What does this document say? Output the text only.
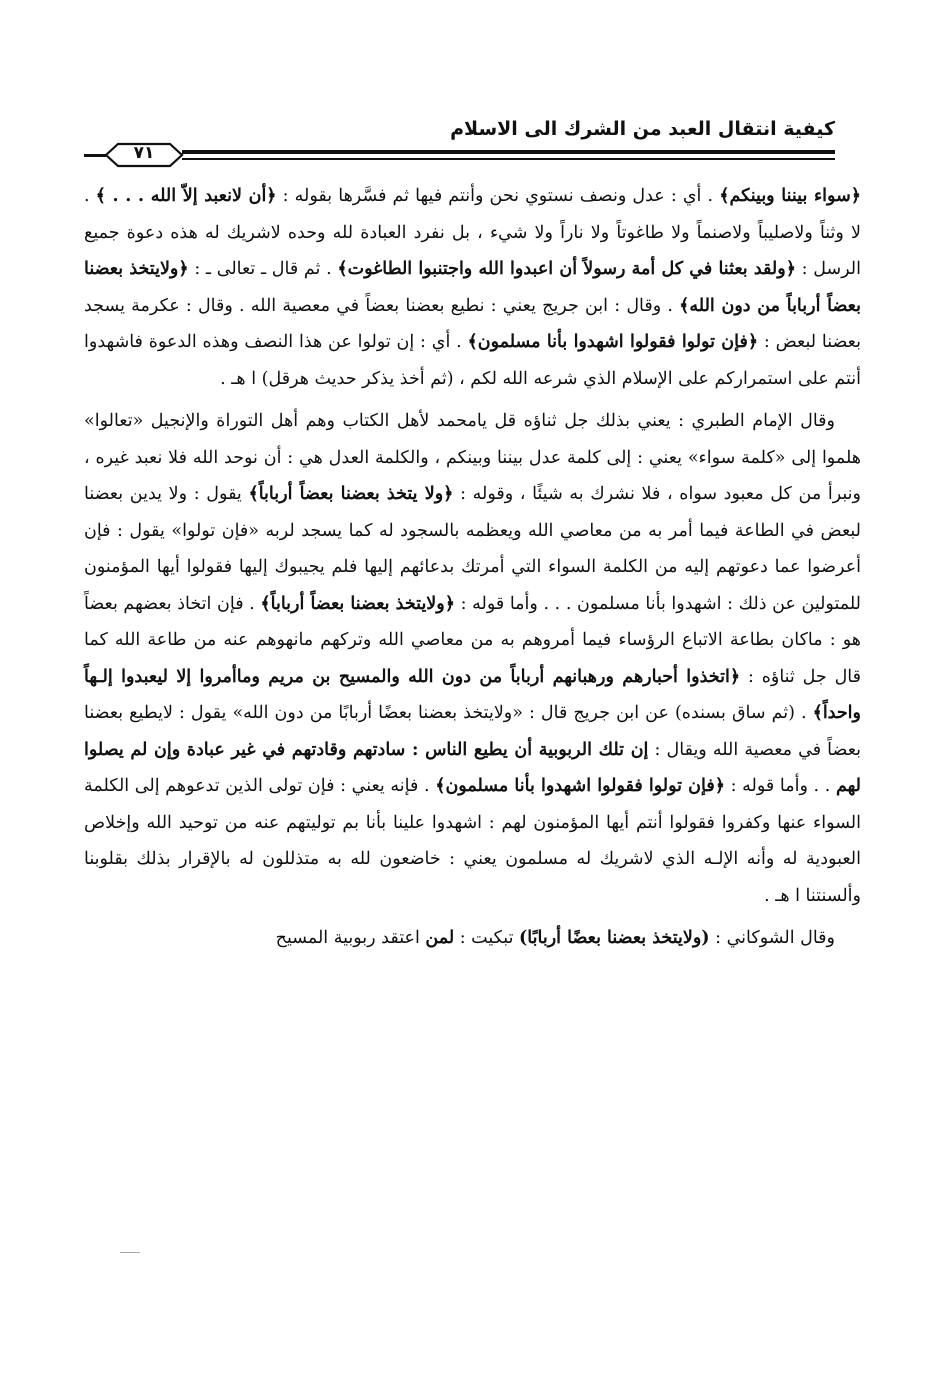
كيفية انتقال العبد من الشرك الى الاسلام
٧١

﴿سواء بيننا وبينكم﴾ . أي : عدل ونصف نستوي نحن وأنتم فيها ثم فسَّرها بقوله : ﴿أن لانعبد إلاّ الله . . . ﴾ . لا وثناً ولاصليباً ولاصنماً ولا طاغوتاً ولا ناراً ولا شيء ، بل نفرد العبادة لله وحده لاشريك له هذه دعوة جميع الرسل : ﴿ولقد بعثنا في كل أمة رسولاً أن اعبدوا الله واجتنبوا الطاغوت﴾ . ثم قال ـ تعالى ـ : ﴿ولايتخذ بعضنا بعضاً أرباباً من دون الله﴾ . وقال : ابن جريج يعني : نطيع بعضنا بعضاً في معصية الله . وقال : عكرمة يسجد بعضنا لبعض : ﴿فإن تولوا فقولوا اشهدوا بأنا مسلمون﴾ . أي : إن تولوا عن هذا النصف وهذه الدعوة فاشهدوا أنتم على استمراركم على الإسلام الذي شرعه الله لكم ، (ثم أخذ يذكر حديث هرقل) ا هـ .

وقال الإمام الطبري : يعني بذلك جل ثناؤه قل يامحمد لأهل الكتاب وهم أهل التوراة والإنجيل «تعالوا» هلموا إلى «كلمة سواء» يعني : إلى كلمة عدل بيننا وبينكم ، والكلمة العدل هي : أن نوحد الله فلا نعبد غيره ، ونبرأ من كل معبود سواه ، فلا نشرك به شيئًا ، وقوله : ﴿ولا يتخذ بعضنا بعضاً أرباباً﴾ يقول : ولا يدين بعضنا لبعض في الطاعة فيما أمر به من معاصي الله ويعظمه بالسجود له كما يسجد لربه «فإن تولوا» يقول : فإن أعرضوا عما دعوتهم إليه من الكلمة السواء التي أمرتك بدعائهم إليها فلم يجيبوك إليها فقولوا أيها المؤمنون للمتولين عن ذلك : اشهدوا بأنا مسلمون . . . وأما قوله : ﴿ولايتخذ بعضنا بعضاً أرباباً﴾ . فإن اتخاذ بعضهم بعضاً هو : ماكان بطاعة الاتباع الرؤساء فيما أمروهم به من معاصي الله وتركهم مانهوهم عنه من طاعة الله كما قال جل ثناؤه : ﴿اتخذوا أحبارهم ورهبانهم أرباباً من دون الله والمسيح بن مريم وماأمروا إلا ليعبدوا إلـهاً واحداً﴾ . (ثم ساق بسنده) عن ابن جريج قال : «ولايتخذ بعضنا بعضًا أربابًا من دون الله» يقول : لايطيع بعضنا بعضاً في معصية الله ويقال : إن تلك الربوبية أن يطيع الناس : سادتهم وقادتهم في غير عبادة وإن لم يصلوا لهم . . وأما قوله : ﴿فإن تولوا فقولوا اشهدوا بأنا مسلمون﴾ . فإنه يعني : فإن تولى الذين تدعوهم إلى الكلمة السواء عنها وكفروا فقولوا أنتم أيها المؤمنون لهم : اشهدوا علينا بأنا بم توليتهم عنه من توحيد الله وإخلاص العبودية له وأنه الإلـه الذي لاشريك له مسلمون يعني : خاضعون لله به متذللون له بالإقرار بذلك بقلوبنا وألسنتنا ا هـ .

وقال الشوكاني : (ولايتخذ بعضنا بعضًا أربابًا) تبكيت : لمن اعتقد ربوبية المسيح
